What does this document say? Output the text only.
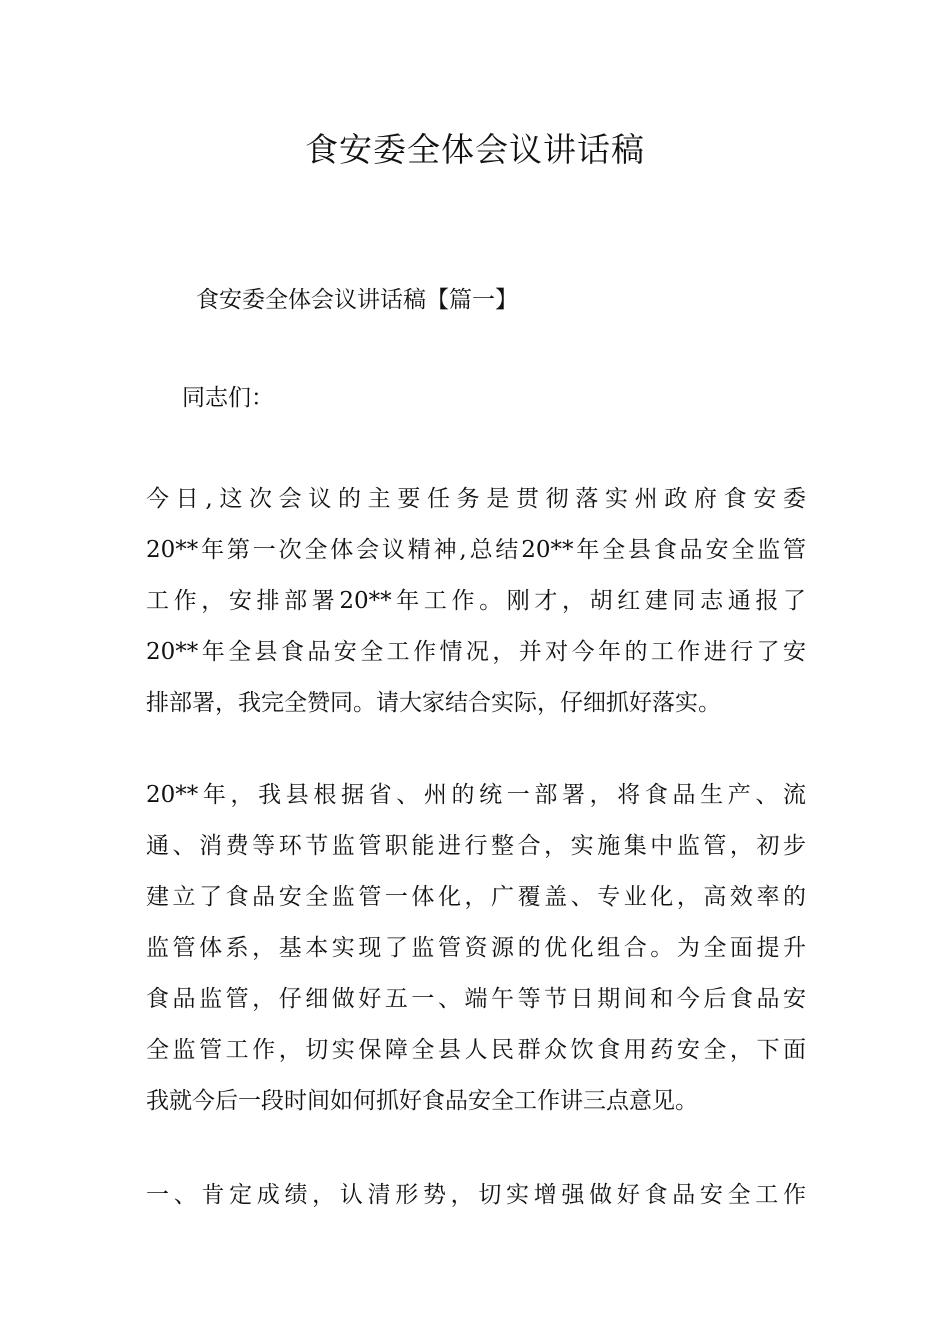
食安委全体会议讲话稿
食安委全体会议讲话稿【篇一】
同志们：
今日,这次会议的主要任务是贯彻落实州政府食安委
20**年第一次全体会议精神,总结20**年全县食品安全监管
工作，安排部署20**年工作。刚才，胡红建同志通报了
20**年全县食品安全工作情况，并对今年的工作进行了安
排部署，我完全赞同。请大家结合实际，仔细抓好落实。
20**年，我县根据省、州的统一部署，将食品生产、流
通、消费等环节监管职能进行整合，实施集中监管，初步
建立了食品安全监管一体化，广覆盖、专业化，高效率的
监管体系，基本实现了监管资源的优化组合。为全面提升
食品监管，仔细做好五一、端午等节日期间和今后食品安
全监管工作，切实保障全县人民群众饮食用药安全，下面
我就今后一段时间如何抓好食品安全工作讲三点意见。
一、肯定成绩，认清形势，切实增强做好食品安全工作
